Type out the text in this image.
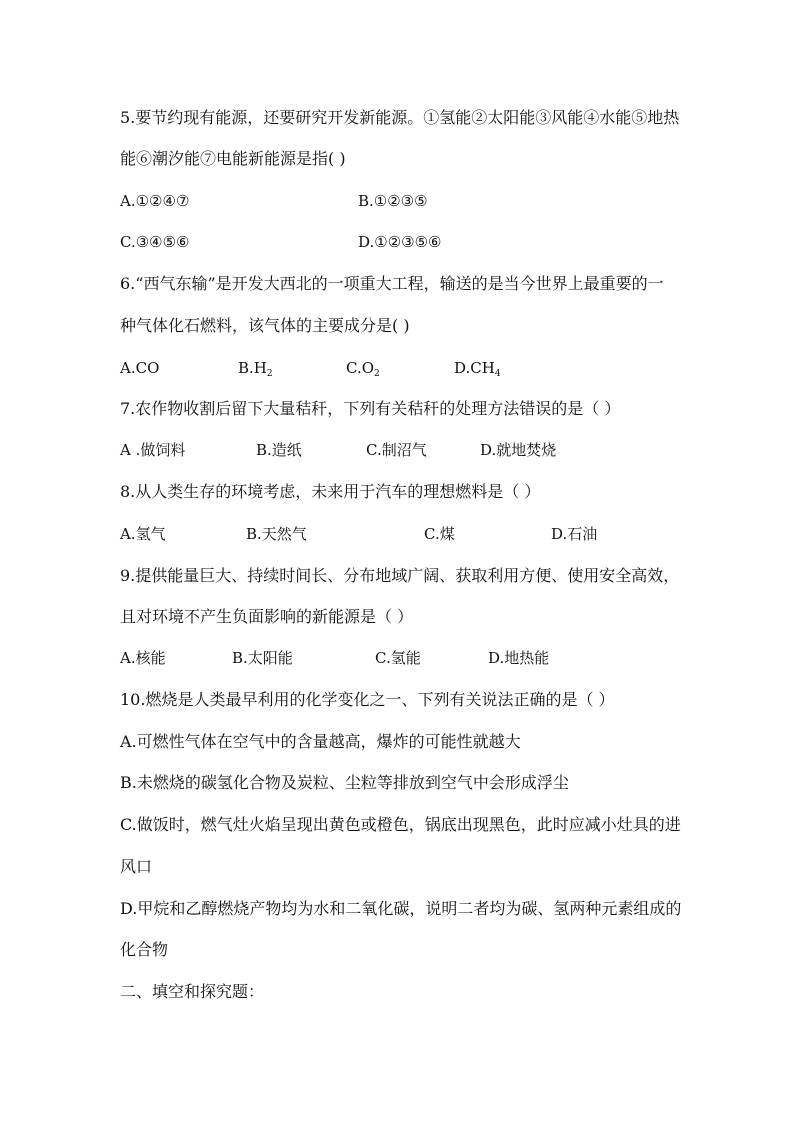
5.要节约现有能源，还要研究开发新能源。①氢能②太阳能③风能④水能⑤地热
能⑥潮汐能⑦电能新能源是指( )
A.①②④⑦	B.①②③⑤
C.③④⑤⑥	D.①②③⑤⑥
6.“西气东输”是开发大西北的一项重大工程，输送的是当今世界上最重要的一
种气体化石燃料，该气体的主要成分是( )
A.CO	$B.H_2$	$C.O_2$	$D.CH_4$
7.农作物收割后留下大量秸秆，下列有关秸秆的处理方法错误的是（ ）
A .做饲料	B.造纸	C.制沼气	D.就地焚烧
8.从人类生存的环境考虑，未来用于汽车的理想燃料是（ ）
A.氢气	B.天然气	C.煤	D.石油
9.提供能量巨大、持续时间长、分布地域广阔、获取利用方便、使用安全高效，
且对环境不产生负面影响的新能源是（ ）
A.核能	B.太阳能	C.氢能	D.地热能
10.燃烧是人类最早利用的化学变化之一、下列有关说法正确的是（ ）
A.可燃性气体在空气中的含量越高，爆炸的可能性就越大
B.未燃烧的碳氢化合物及炭粒、尘粒等排放到空气中会形成浮尘
C.做饭时，燃气灶火焰呈现出黄色或橙色，锅底出现黑色，此时应减小灶具的进
风口
D.甲烷和乙醇燃烧产物均为水和二氧化碳，说明二者均为碳、氢两种元素组成的
化合物
二、填空和探究题：
